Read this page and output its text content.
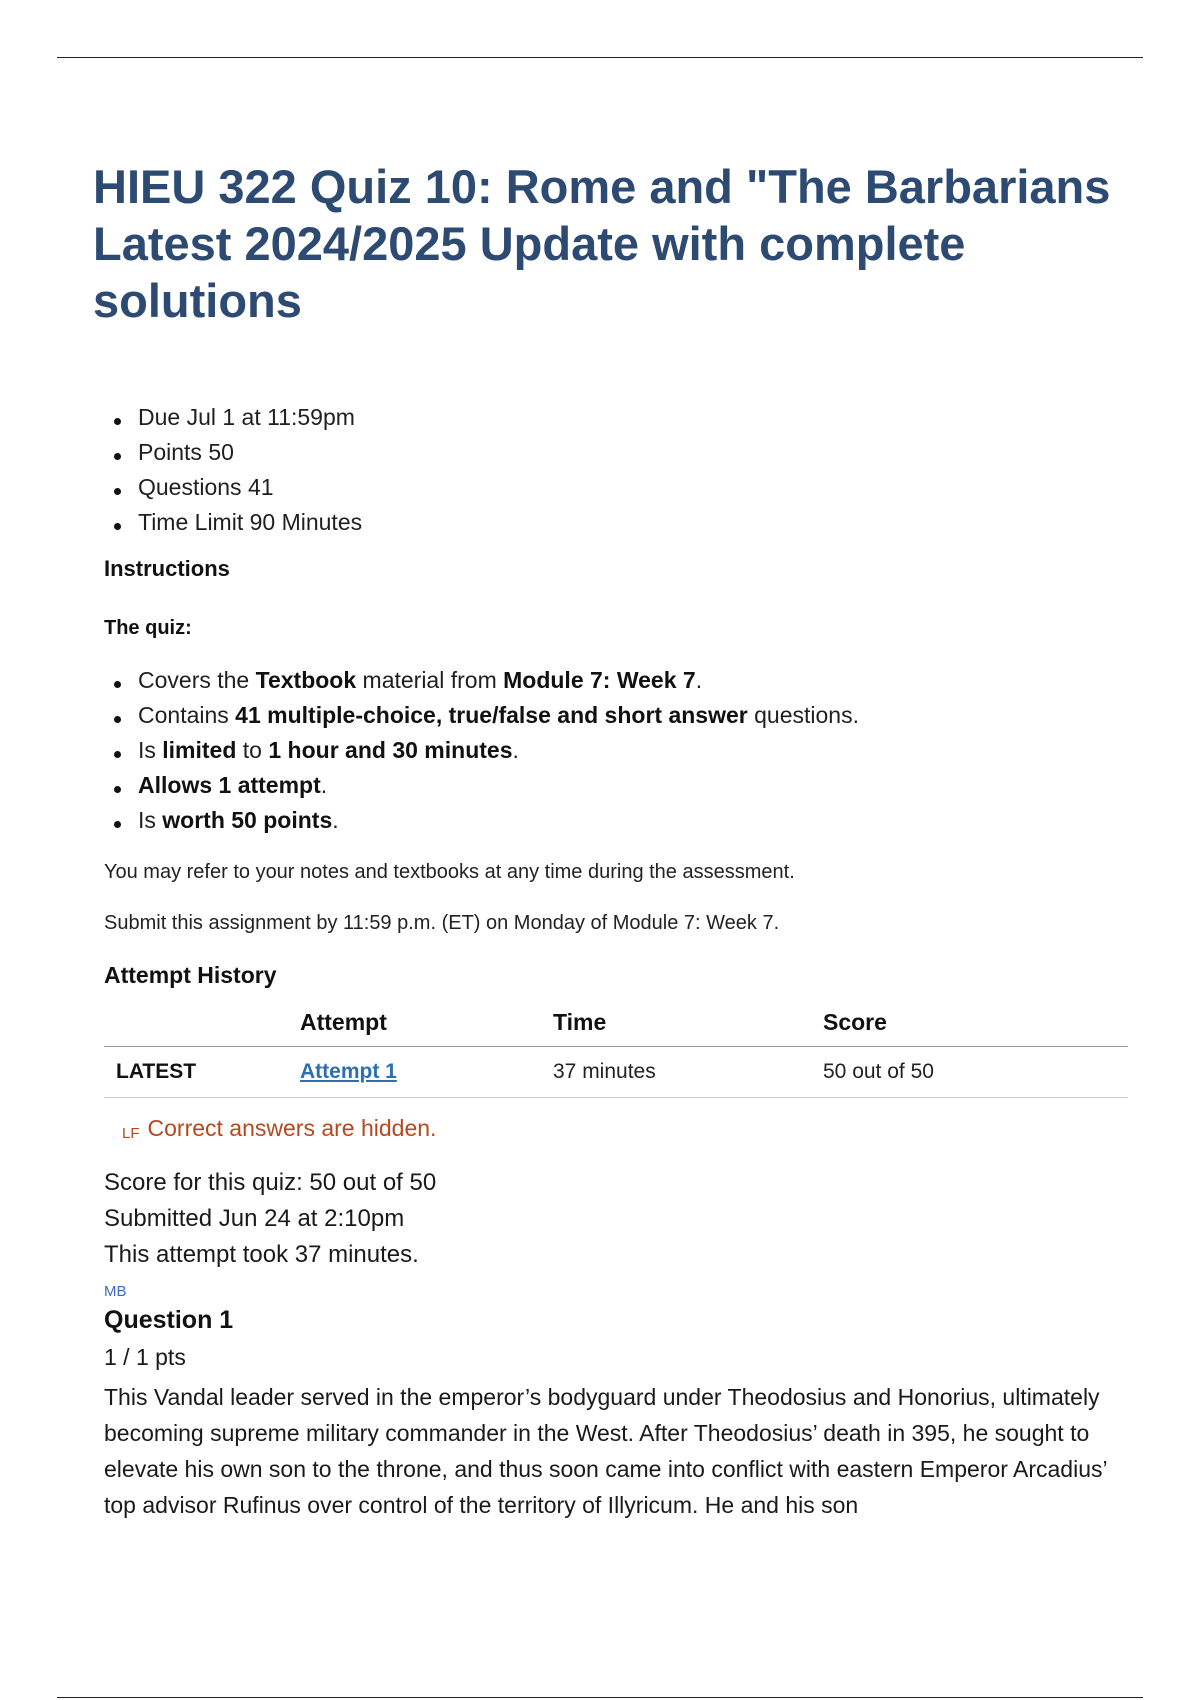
HIEU 322 Quiz 10: Rome and "The Barbarians Latest 2024/2025 Update with complete solutions
Due Jul 1 at 11:59pm
Points 50
Questions 41
Time Limit 90 Minutes
Instructions
The quiz:
Covers the Textbook material from Module 7: Week 7.
Contains 41 multiple-choice, true/false and short answer questions.
Is limited to 1 hour and 30 minutes.
Allows 1 attempt.
Is worth 50 points.
You may refer to your notes and textbooks at any time during the assessment.
Submit this assignment by 11:59 p.m. (ET) on Monday of Module 7: Week 7.
Attempt History
	Attempt	Time	Score
LATEST	Attempt 1	37 minutes	50 out of 50
LF Correct answers are hidden.
Score for this quiz: 50 out of 50
Submitted Jun 24 at 2:10pm
This attempt took 37 minutes.
MB
Question 1
1 / 1 pts

This Vandal leader served in the emperor’s bodyguard under Theodosius and Honorius, ultimately becoming supreme military commander in the West. After Theodosius’ death in 395, he sought to elevate his own son to the throne, and thus soon came into conflict with eastern Emperor Arcadius’ top advisor Rufinus over control of the territory of Illyricum. He and his son
